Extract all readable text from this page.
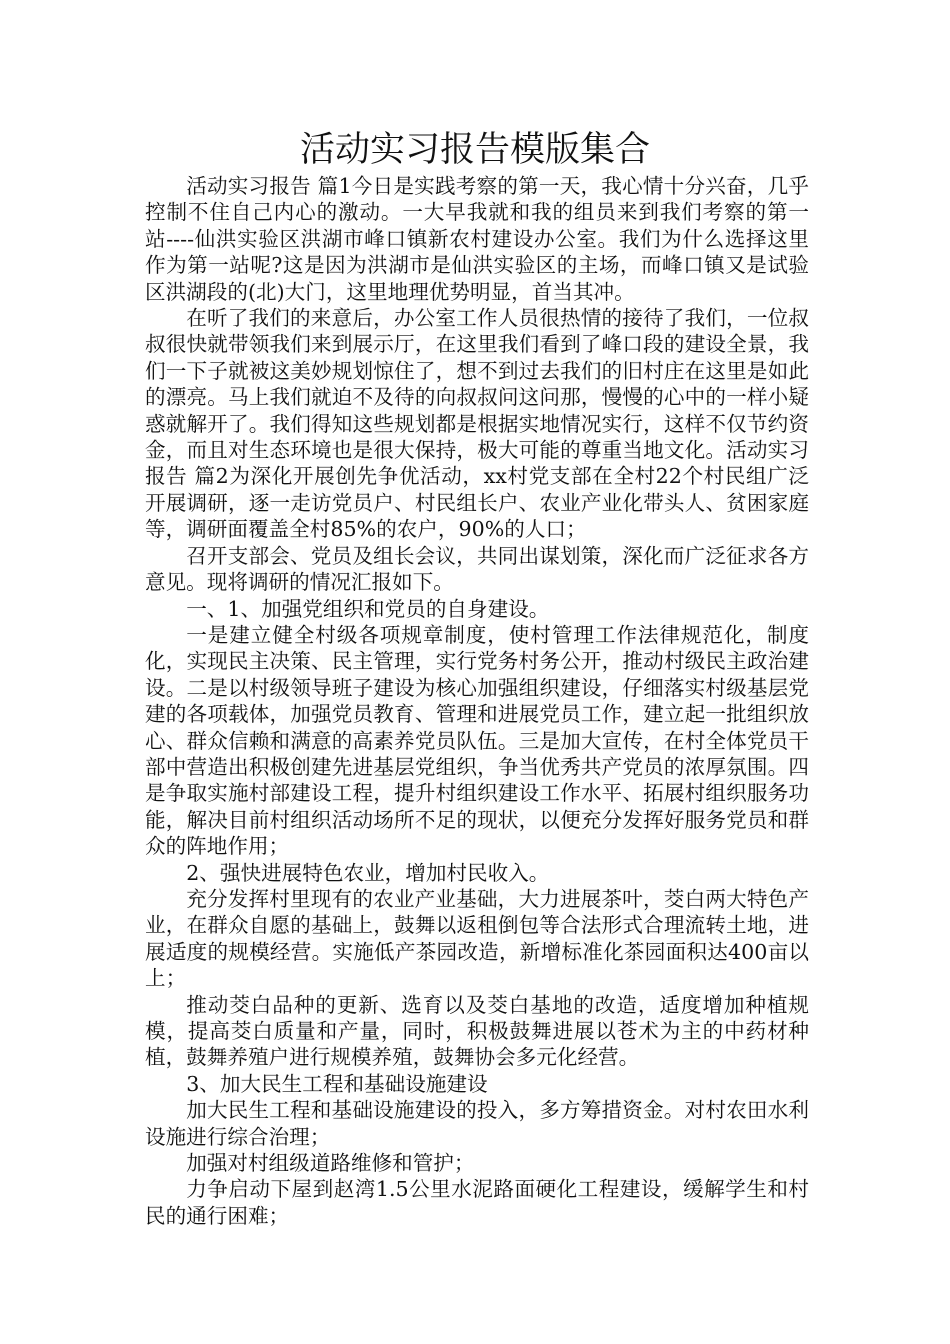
活动实习报告模版集合

活动实习报告 篇1今日是实践考察的第一天，我心情十分兴奋，几乎控制不住自己内心的激动。一大早我就和我的组员来到我们考察的第一站----仙洪实验区洪湖市峰口镇新农村建设办公室。我们为什么选择这里作为第一站呢?这是因为洪湖市是仙洪实验区的主场，而峰口镇又是试验区洪湖段的(北)大门，这里地理优势明显，首当其冲。

在听了我们的来意后，办公室工作人员很热情的接待了我们，一位叔叔很快就带领我们来到展示厅，在这里我们看到了峰口段的建设全景，我们一下子就被这美妙规划惊住了，想不到过去我们的旧村庄在这里是如此的漂亮。马上我们就迫不及待的向叔叔问这问那，慢慢的心中的一样小疑惑就解开了。我们得知这些规划都是根据实地情况实行，这样不仅节约资金，而且对生态环境也是很大保持，极大可能的尊重当地文化。活动实习报告 篇2为深化开展创先争优活动，xx村党支部在全村22个村民组广泛开展调研，逐一走访党员户、村民组长户、农业产业化带头人、贫困家庭等，调研面覆盖全村85%的农户，90%的人口；

召开支部会、党员及组长会议，共同出谋划策，深化而广泛征求各方意见。现将调研的情况汇报如下。

一、1、加强党组织和党员的自身建设。

一是建立健全村级各项规章制度，使村管理工作法律规范化，制度化，实现民主决策、民主管理，实行党务村务公开，推动村级民主政治建设。二是以村级领导班子建设为核心加强组织建设，仔细落实村级基层党建的各项载体，加强党员教育、管理和进展党员工作，建立起一批组织放心、群众信赖和满意的高素养党员队伍。三是加大宣传，在村全体党员干部中营造出积极创建先进基层党组织，争当优秀共产党员的浓厚氛围。四是争取实施村部建设工程，提升村组织建设工作水平、拓展村组织服务功能，解决目前村组织活动场所不足的现状，以便充分发挥好服务党员和群众的阵地作用；

2、强快进展特色农业，增加村民收入。

充分发挥村里现有的农业产业基础，大力进展茶叶，茭白两大特色产业，在群众自愿的基础上，鼓舞以返租倒包等合法形式合理流转土地，进展适度的规模经营。实施低产茶园改造，新增标准化茶园面积达400亩以上；

推动茭白品种的更新、选育以及茭白基地的改造，适度增加种植规模，提高茭白质量和产量，同时，积极鼓舞进展以苍术为主的中药材种植，鼓舞养殖户进行规模养殖，鼓舞协会多元化经营。

3、加大民生工程和基础设施建设

加大民生工程和基础设施建设的投入，多方筹措资金。对村农田水利设施进行综合治理；

加强对村组级道路维修和管护；

力争启动下屋到赵湾1.5公里水泥路面硬化工程建设，缓解学生和村民的通行困难；
